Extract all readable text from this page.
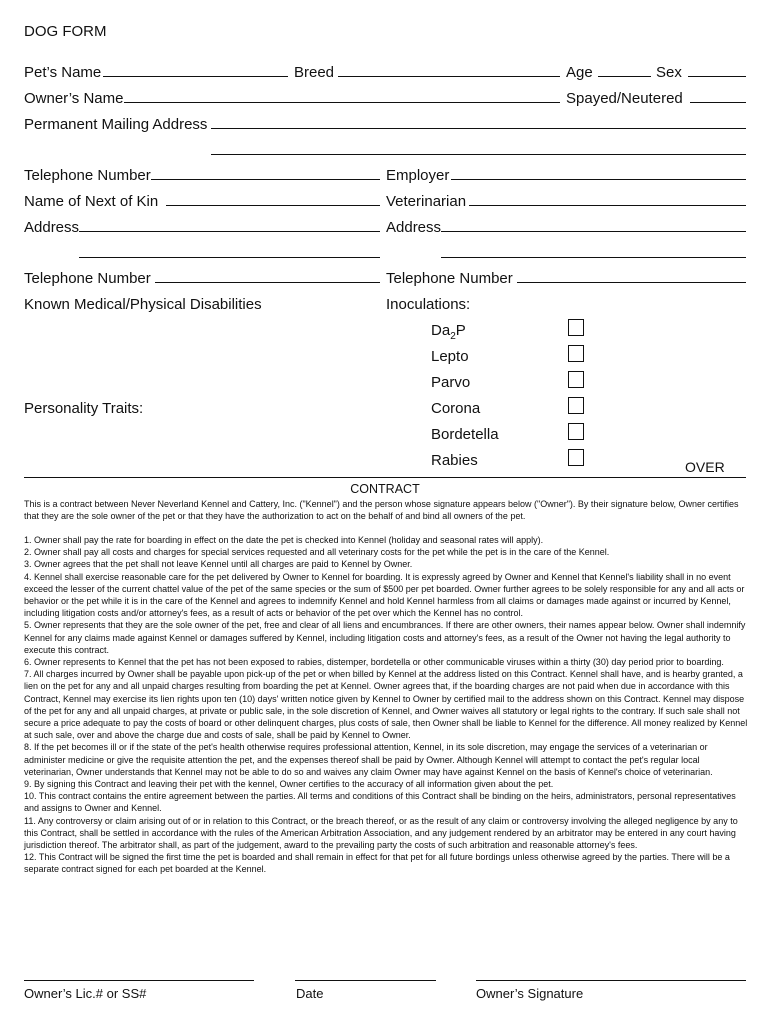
DOG FORM
Pet’s Name	Breed	Age	Sex
Owner’s Name	Spayed/Neutered
Permanent Mailing Address
Telephone Number	Employer
Name of Next of Kin	Veterinarian
Address	Address
Telephone Number	Telephone Number
Known Medical/Physical Disabilities	Inoculations:
$Da_2P$
Lepto
Parvo
Personality Traits:	Corona
Bordetella
Rabies	OVER
CONTRACT
This is a contract between Never Neverland Kennel and Cattery, Inc. ("Kennel") and the person whose signature appears below ("Owner"). By their signature below, Owner certifies that they are the sole owner of the pet or that they have the authorization to act on the behalf of and bind all owners of the pet.
1. Owner shall pay the rate for boarding in effect on the date the pet is checked into Kennel (holiday and seasonal rates will apply).
2. Owner shall pay all costs and charges for special services requested and all veterinary costs for the pet while the pet is in the care of the Kennel.
3. Owner agrees that the pet shall not leave Kennel until all charges are paid to Kennel by Owner.
4. Kennel shall exercise reasonable care for the pet delivered by Owner to Kennel for boarding. It is expressly agreed by Owner and Kennel that Kennel's liability shall in no event exceed the lesser of the current chattel value of the pet of the same species or the sum of $500 per pet boarded. Owner further agrees to be solely responsible for any and all acts or behavior or the pet while it is in the care of the Kennel and agrees to indemnify Kennel and hold Kennel harmless from all claims or damages made against or incurred by Kennel, including litigation costs and/or attorney's fees, as a result of acts or behavior of the pet over which the Kennel has no control.
5. Owner represents that they are the sole owner of the pet, free and clear of all liens and encumbrances. If there are other owners, their names appear below. Owner shall indemnify Kennel for any claims made against Kennel or damages suffered by Kennel, including litigation costs and attorney's fees, as a result of the Owner not having the legal authority to execute this contract.
6. Owner represents to Kennel that the pet has not been exposed to rabies, distemper, bordetella or other communicable viruses within a thirty (30) day period prior to boarding.
7. All charges incurred by Owner shall be payable upon pick-up of the pet or when billed by Kennel at the address listed on this Contract. Kennel shall have, and is hearby granted, a lien on the pet for any and all unpaid charges resulting from boarding the pet at Kennel. Owner agrees that, if the boarding charges are not paid when due in accordance with this Contract, Kennel may exercise its lien rights upon ten (10) days' written notice given by Kennel to Owner by certified mail to the address shown on this Contract. Kennel may dispose of the pet for any and all unpaid charges, at private or public sale, in the sole discretion of Kennel, and Owner waives all statutory or legal rights to the contrary. If such sale shall not secure a price adequate to pay the costs of board or other delinquent charges, plus costs of sale, then Owner shall be liable to Kennel for the difference. All money realized by Kennel at such sale, over and above the charge due and costs of sale, shall be paid by Kennel to Owner.
8. If the pet becomes ill or if the state of the pet's health otherwise requires professional attention, Kennel, in its sole discretion, may engage the services of a veterinarian or administer medicine or give the requisite attention the pet, and the expenses thereof shall be paid by Owner. Although Kennel will attempt to contact the pet's regular local veterinarian, Owner understands that Kennel may not be able to do so and waives any claim Owner may have against Kennel on the basis of Kennel's choice of veterinarian.
9. By signing this Contract and leaving their pet with the kennel, Owner certifies to the accuracy of all information given about the pet.
10. This contract contains the entire agreement between the parties. All terms and conditions of this Contract shall be binding on the heirs, administrators, personal representatives and assigns to Owner and Kennel.
11. Any controversy or claim arising out of or in relation to this Contract, or the breach thereof, or as the result of any claim or controversy involving the alleged negligence by any to this Contract, shall be settled in accordance with the rules of the American Arbitration Association, and any judgement rendered by an arbitrator may be entered in any court having jurisdiction thereof. The arbitrator shall, as part of the judgement, award to the prevailing party the costs of such arbitration and reasonable attorney's fees.
12. This Contract will be signed the first time the pet is boarded and shall remain in effect for that pet for all future bordings unless otherwise agreed by the parties. There will be a separate contract signed for each pet boarded at the Kennel.
Owner’s Lic.# or SS#	Date	Owner’s Signature
